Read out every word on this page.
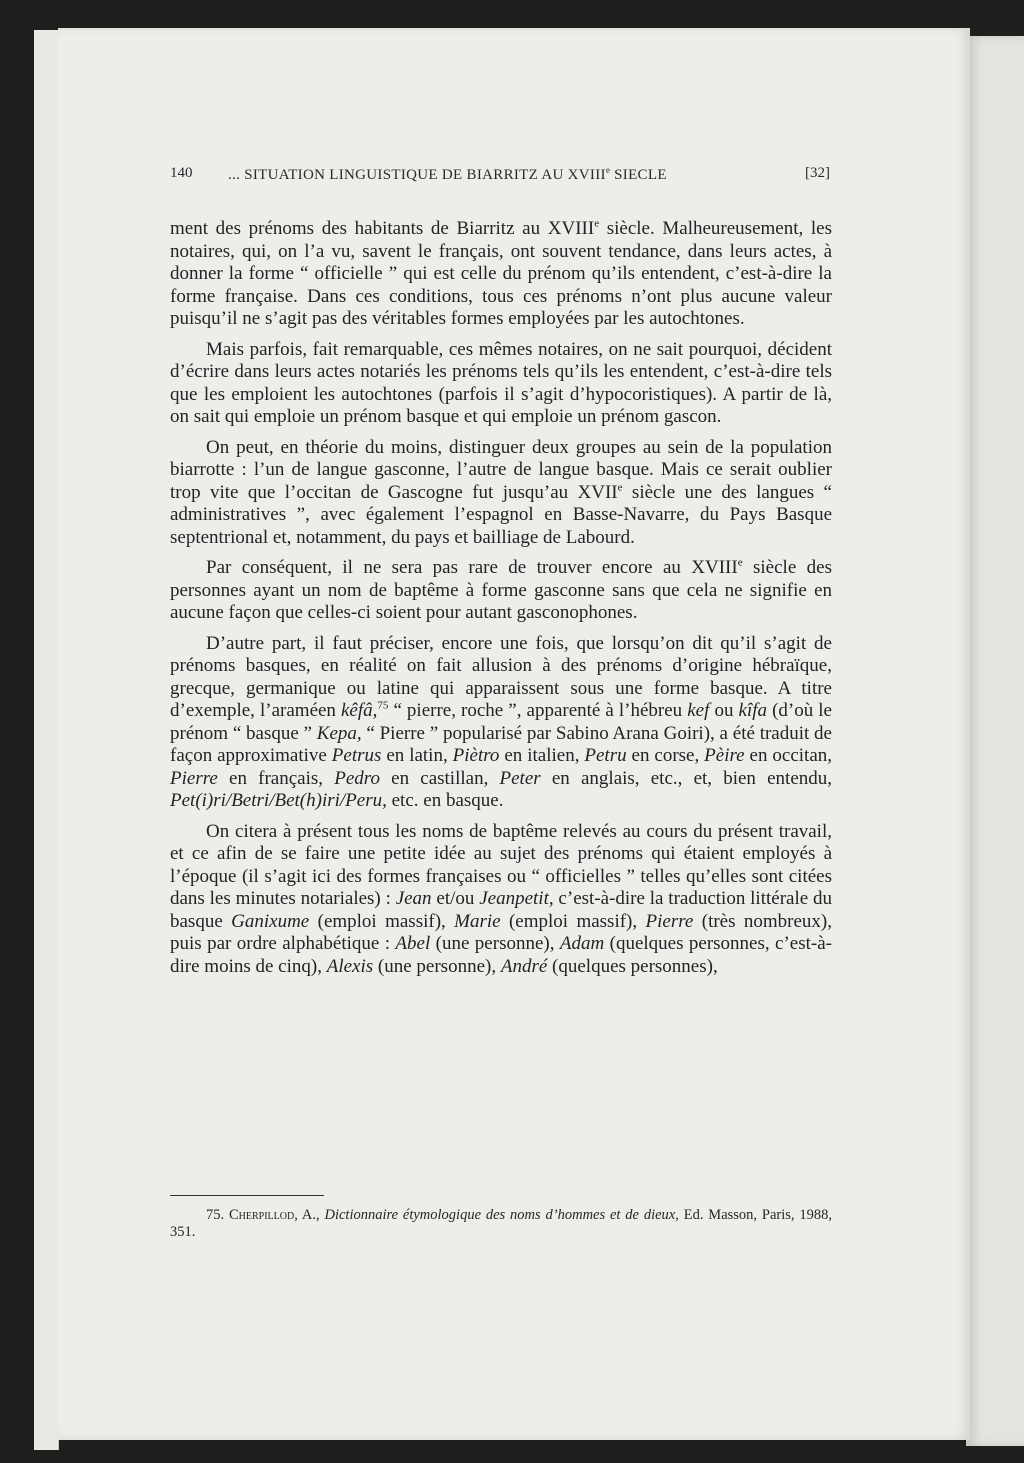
140 ... SITUATION LINGUISTIQUE DE BIARRITZ AU XVIIIe SIECLE	[32]

ment des prénoms des habitants de Biarritz au XVIIIe siècle. Malheureusement, les notaires, qui, on l’a vu, savent le français, ont souvent tendance, dans leurs actes, à donner la forme “ officielle ” qui est celle du prénom qu’ils entendent, c’est-à-dire la forme française. Dans ces conditions, tous ces prénoms n’ont plus aucune valeur puisqu’il ne s’agit pas des véritables formes employées par les autochtones.

Mais parfois, fait remarquable, ces mêmes notaires, on ne sait pourquoi, décident d’écrire dans leurs actes notariés les prénoms tels qu’ils les entendent, c’est-à-dire tels que les emploient les autochtones (parfois il s’agit d’hypocoristiques). A partir de là, on sait qui emploie un prénom basque et qui emploie un prénom gascon.

On peut, en théorie du moins, distinguer deux groupes au sein de la population biarrotte : l’un de langue gasconne, l’autre de langue basque. Mais ce serait oublier trop vite que l’occitan de Gascogne fut jusqu’au XVIIe siècle une des langues “ administratives ”, avec également l’espagnol en Basse-Navarre, du Pays Basque septentrional et, notamment, du pays et bailliage de Labourd.

Par conséquent, il ne sera pas rare de trouver encore au XVIIIe siècle des personnes ayant un nom de baptême à forme gasconne sans que cela ne signifie en aucune façon que celles-ci soient pour autant gasconophones.

D’autre part, il faut préciser, encore une fois, que lorsqu’on dit qu’il s’agit de prénoms basques, en réalité on fait allusion à des prénoms d’origine hébraïque, grecque, germanique ou latine qui apparaissent sous une forme basque. A titre d’exemple, l’araméen kêfâ,$^{75}$ “ pierre, roche ”, apparenté à l’hébreu kef ou kîfa (d’où le prénom “ basque ” Kepa, “ Pierre ” popularisé par Sabino Arana Goiri), a été traduit de façon approximative Petrus en latin, Piètro en italien, Petru en corse, Pèire en occitan, Pierre en français, Pedro en castillan, Peter en anglais, etc., et, bien entendu, Pet(i)ri/Betri/Bet(h)iri/Peru, etc. en basque.

On citera à présent tous les noms de baptême relevés au cours du présent travail, et ce afin de se faire une petite idée au sujet des prénoms qui étaient employés à l’époque (il s’agit ici des formes françaises ou “ officielles ” telles qu’elles sont citées dans les minutes notariales) : Jean et/ou Jeanpetit, c’est-à-dire la traduction littérale du basque Ganixume (emploi massif), Marie (emploi massif), Pierre (très nombreux), puis par ordre alphabétique : Abel (une personne), Adam (quelques personnes, c’est-à-dire moins de cinq), Alexis (une personne), André (quelques personnes),

75. Cherpillod, A., Dictionnaire étymologique des noms d’hommes et de dieux, Ed. Masson, Paris, 1988, 351.
